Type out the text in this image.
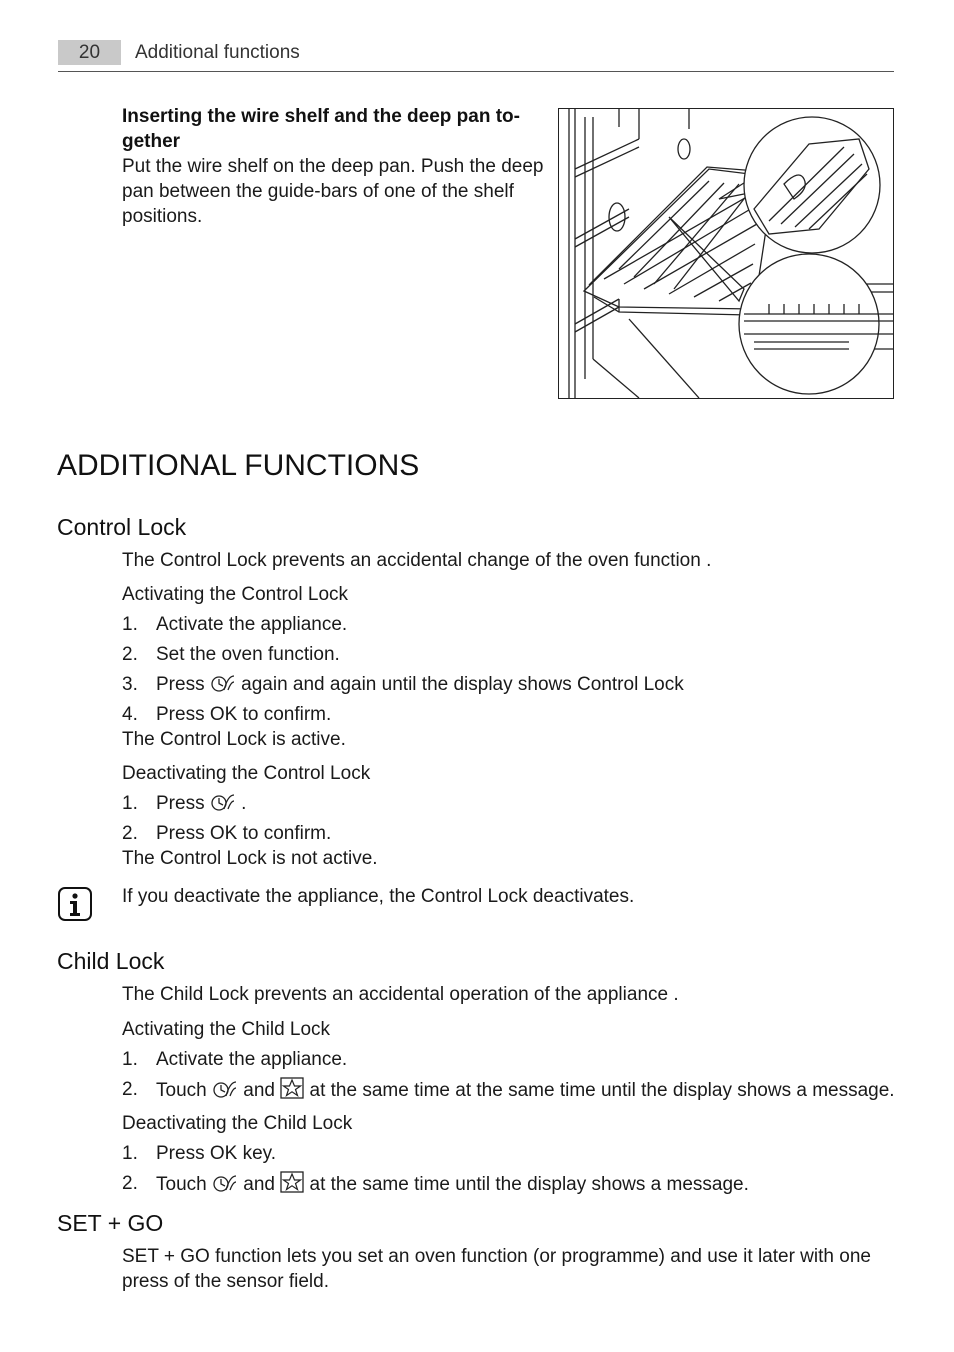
20	Additional functions

Inserting the wire shelf and the deep pan to-gether

Put the wire shelf on the deep pan. Push the deep pan between the guide-bars of one of the shelf positions.

ADDITIONAL FUNCTIONS
Control Lock
The Control Lock prevents an accidental change of the oven function .
Activating the Control Lock
1. Activate the appliance.
2. Set the oven function.
3. Press again and again until the display shows Control Lock
4. Press OK to confirm.
The Control Lock is active.
Deactivating the Control Lock
1. Press .
2. Press OK to confirm.
The Control Lock is not active.
If you deactivate the appliance, the Control Lock deactivates.
Child Lock
The Child Lock prevents an accidental operation of the appliance .
Activating the Child Lock
1. Activate the appliance.
2. Touch and at the same time at the same time until the display shows a message.
Deactivating the Child Lock
1. Press OK key.
2. Touch and at the same time until the display shows a message.
SET + GO
SET + GO function lets you set an oven function (or programme) and use it later with one press of the sensor field.
